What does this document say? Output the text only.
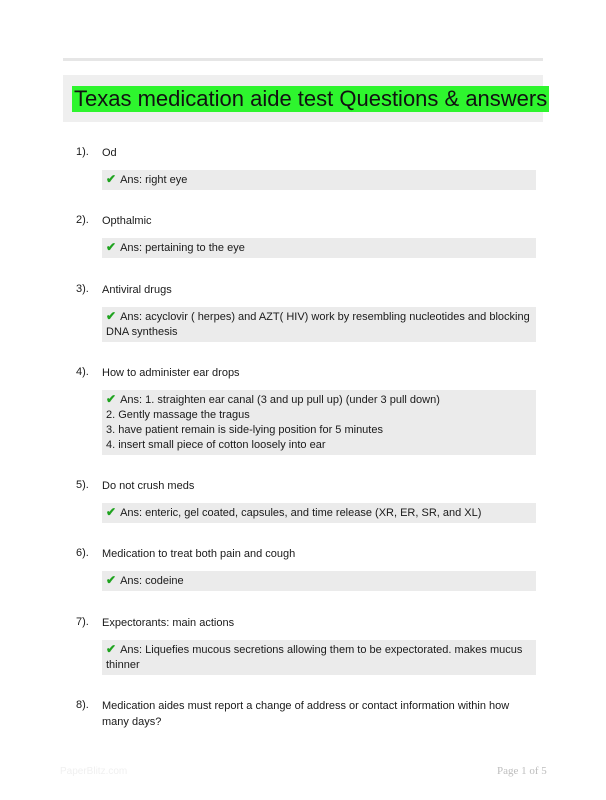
Texas medication aide test Questions & answers
1). Od
✔ Ans: right eye
2). Opthalmic
✔ Ans: pertaining to the eye
3). Antiviral drugs
✔ Ans: acyclovir ( herpes) and AZT( HIV) work by resembling nucleotides and blocking
DNA synthesis
4). How to administer ear drops
✔ Ans: 1. straighten ear canal (3 and up pull up) (under 3 pull down)
2. Gently massage the tragus
3. have patient remain is side-lying position for 5 minutes
4. insert small piece of cotton loosely into ear
5). Do not crush meds
✔ Ans: enteric, gel coated, capsules, and time release (XR, ER, SR, and XL)
6). Medication to treat both pain and cough
✔ Ans: codeine
7). Expectorants: main actions
✔ Ans: Liquefies mucous secretions allowing them to be expectorated. makes mucus
thinner
8). Medication aides must report a change of address or contact information within how many days?
PaperBlitz.com	Page 1 of 5
